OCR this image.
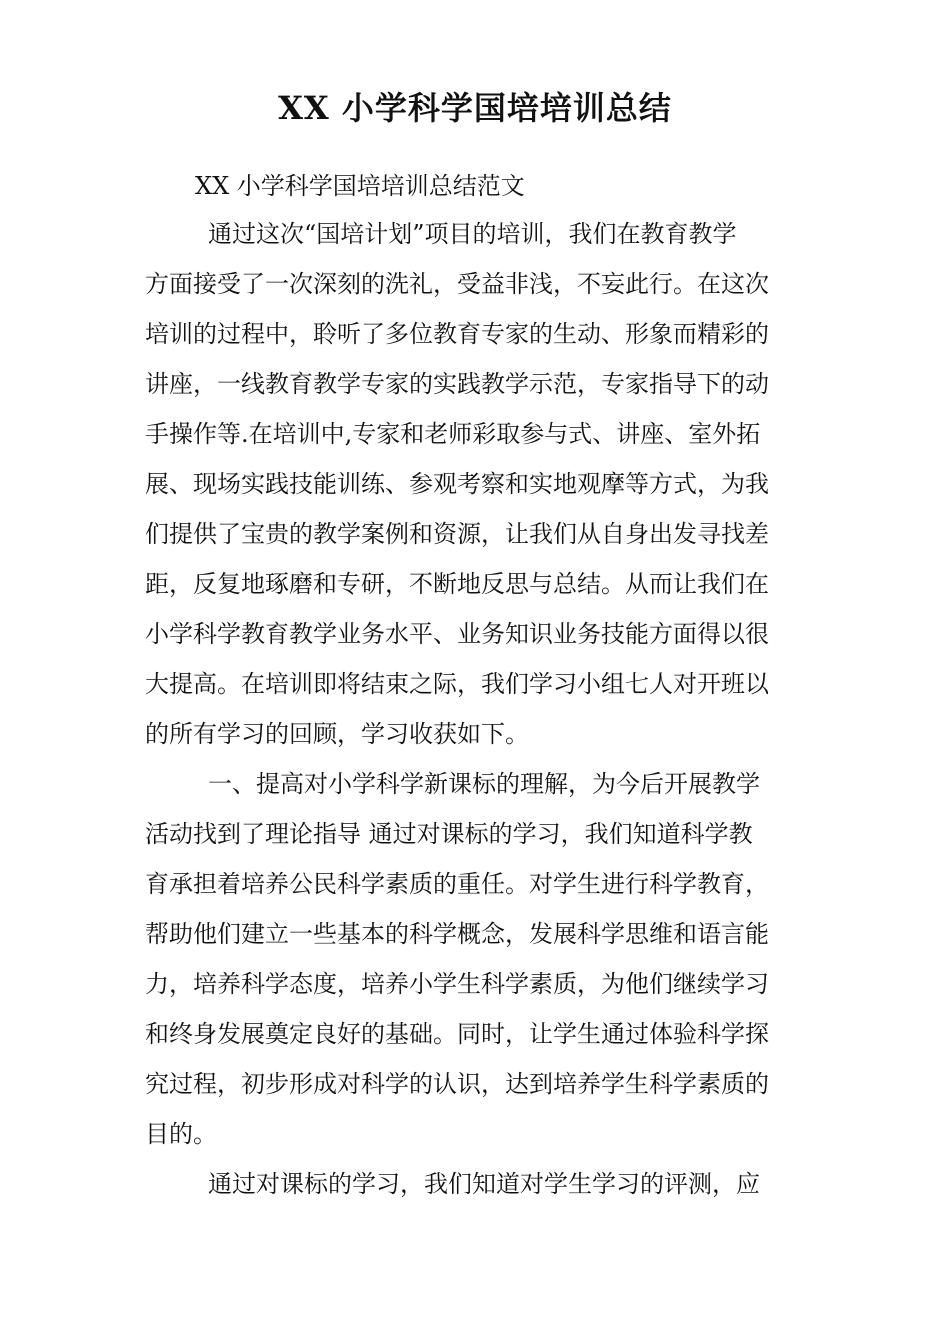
XX 小学科学国培培训总结

XX 小学科学国培培训总结范文

通过这次“国培计划”项目的培训，我们在教育教学

方面接受了一次深刻的洗礼，受益非浅，不妄此行。在这次

培训的过程中，聆听了多位教育专家的生动、形象而精彩的

讲座，一线教育教学专家的实践教学示范，专家指导下的动

手操作等.在培训中,专家和老师彩取参与式、讲座、室外拓

展、现场实践技能训练、参观考察和实地观摩等方式，为我

们提供了宝贵的教学案例和资源，让我们从自身出发寻找差

距，反复地琢磨和专研，不断地反思与总结。从而让我们在

小学科学教育教学业务水平、业务知识业务技能方面得以很

大提高。在培训即将结束之际，我们学习小组七人对开班以

的所有学习的回顾，学习收获如下。

一、提高对小学科学新课标的理解，为今后开展教学

活动找到了理论指导 通过对课标的学习，我们知道科学教

育承担着培养公民科学素质的重任。对学生进行科学教育，

帮助他们建立一些基本的科学概念，发展科学思维和语言能

力，培养科学态度，培养小学生科学素质，为他们继续学习

和终身发展奠定良好的基础。同时，让学生通过体验科学探

究过程，初步形成对科学的认识，达到培养学生科学素质的

目的。

通过对课标的学习，我们知道对学生学习的评测，应
